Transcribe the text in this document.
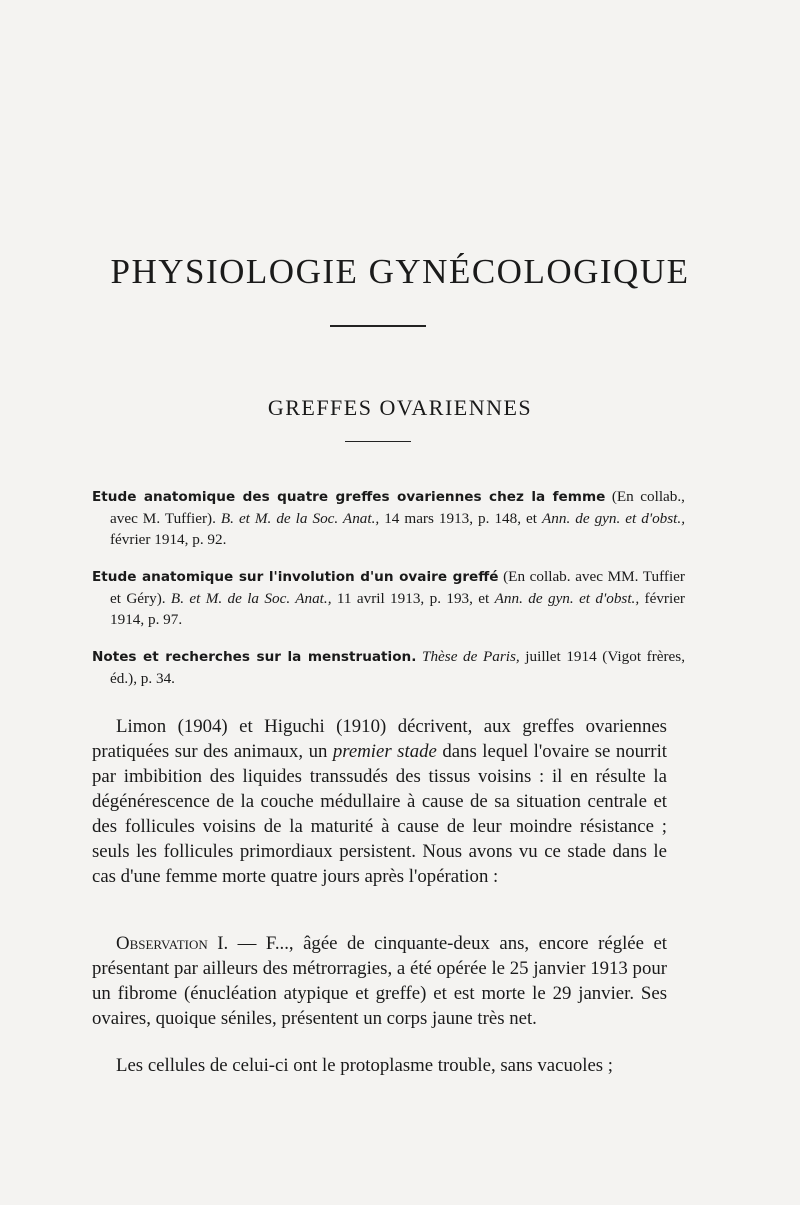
PHYSIOLOGIE GYNÉCOLOGIQUE
GREFFES OVARIENNES

Etude anatomique des quatre greffes ovariennes chez la femme (En collab., avec M. Tuffier). B. et M. de la Soc. Anat., 14 mars 1913, p. 148, et Ann. de gyn. et d'obst., février 1914, p. 92.

Etude anatomique sur l'involution d'un ovaire greffé (En collab. avec MM. Tuffier et Géry). B. et M. de la Soc. Anat., 11 avril 1913, p. 193, et Ann. de gyn. et d'obst., février 1914, p. 97.

Notes et recherches sur la menstruation. Thèse de Paris, juillet 1914 (Vigot frères, éd.), p. 34.

Limon (1904) et Higuchi (1910) décrivent, aux greffes ovariennes pratiquées sur des animaux, un premier stade dans lequel l'ovaire se nourrit par imbibition des liquides transsudés des tissus voisins : il en résulte la dégénérescence de la couche médullaire à cause de sa situation centrale et des follicules voisins de la maturité à cause de leur moindre résistance ; seuls les follicules primordiaux persistent. Nous avons vu ce stade dans le cas d'une femme morte quatre jours après l'opération :

Observation I. — F..., âgée de cinquante-deux ans, encore réglée et présentant par ailleurs des métrorragies, a été opérée le 25 janvier 1913 pour un fibrome (énucléation atypique et greffe) et est morte le 29 janvier. Ses ovaires, quoique séniles, présentent un corps jaune très net.

Les cellules de celui-ci ont le protoplasme trouble, sans vacuoles ;
